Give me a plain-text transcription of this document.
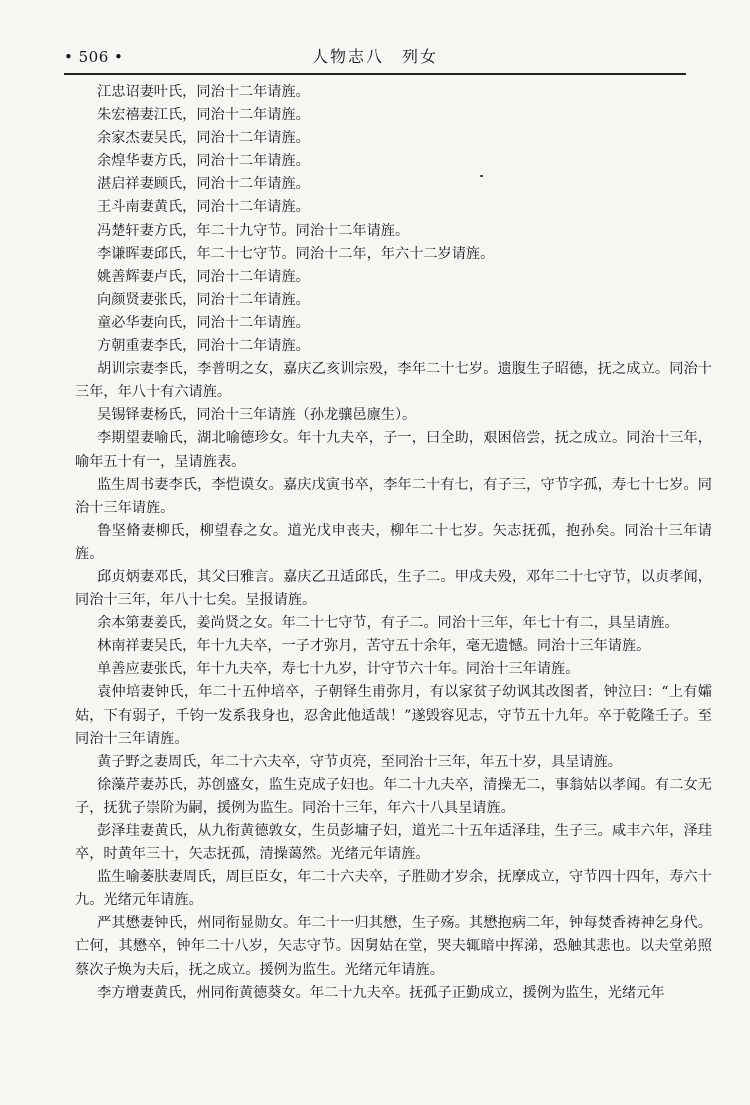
• 506 •	人物志八　列女

江忠诏妻叶氏，同治十二年请旌。

朱宏禧妻江氏，同治十二年请旌。

余家杰妻吴氏，同治十二年请旌。

余煌华妻方氏，同治十二年请旌。

湛启祥妻顾氏，同治十二年请旌。

王斗南妻黄氏，同治十二年请旌。

冯楚轩妻方氏，年二十九守节。同治十二年请旌。

李谦晖妻邱氏，年二十七守节。同治十二年，年六十二岁请旌。

姚善辉妻卢氏，同治十二年请旌。

向颜贤妻张氏，同治十二年请旌。

童必华妻向氏，同治十二年请旌。

方朝重妻李氏，同治十二年请旌。

胡训宗妻李氏，李普明之女，嘉庆乙亥训宗殁，李年二十七岁。遗腹生子昭德，抚之成立。同治十三年，年八十有六请旌。

吴锡铎妻杨氏，同治十三年请旌（孙龙骧邑廪生）。

李期望妻喻氏，湖北喻德珍女。年十九夫卒，子一，曰全助，艰困倍尝，抚之成立。同治十三年，喻年五十有一，呈请旌表。

监生周书妻李氏，李恺谟女。嘉庆戊寅书卒，李年二十有七，有子三，守节字孤，寿七十七岁。同治十三年请旌。

鲁坚脩妻柳氏，柳望春之女。道光戊申丧夫，柳年二十七岁。矢志抚孤，抱孙矣。同治十三年请旌。

邱贞炳妻邓氏，其父曰雅言。嘉庆乙丑适邱氏，生子二。甲戌夫殁，邓年二十七守节，以贞孝闻，同治十三年，年八十七矣。呈报请旌。

余本第妻姜氏，姜尚贤之女。年二十七守节，有子二。同治十三年，年七十有二，具呈请旌。

林南祥妻吴氏，年十九夫卒，一子才弥月，苦守五十余年，毫无遗憾。同治十三年请旌。

单善应妻张氏，年十九夫卒，寿七十九岁，计守节六十年。同治十三年请旌。

袁仲培妻钟氏，年二十五仲培卒，子朝铎生甫弥月，有以家贫子幼讽其改图者，钟泣曰：“上有孀姑，下有弱子，千钧一发系我身也，忍舍此他适哉！”遂毁容见志，守节五十九年。卒于乾隆壬子。至同治十三年请旌。

黄子野之妻周氏，年二十六夫卒，守节贞亮，至同治十三年，年五十岁，具呈请旌。

徐藻芹妻苏氏，苏创盛女，监生克成子妇也。年二十九夫卒，清操无二，事翁姑以孝闻。有二女无子，抚犹子崇阶为嗣，援例为监生。同治十三年，年六十八具呈请旌。

彭泽珪妻黄氏，从九衔黄德敦女，生员彭墉子妇，道光二十五年适泽珪，生子三。咸丰六年，泽珪卒，时黄年三十，矢志抚孤，清操蔼然。光绪元年请旌。

监生喻萎肤妻周氏，周巨臣女，年二十六夫卒，子胜勋才岁余，抚摩成立，守节四十四年，寿六十九。光绪元年请旌。

严其懋妻钟氏，州同衔显勋女。年二十一归其懋，生子殇。其懋抱病二年，钟每焚香祷神乞身代。亡何，其懋卒，钟年二十八岁，矢志守节。因舅姑在堂，哭夫辄暗中挥涕，恐触其悲也。以夫堂弟照蔡次子焕为夫后，抚之成立。援例为监生。光绪元年请旌。

李方增妻黄氏，州同衔黄德葵女。年二十九夫卒。抚孤子正勤成立，援例为监生，光绪元年
